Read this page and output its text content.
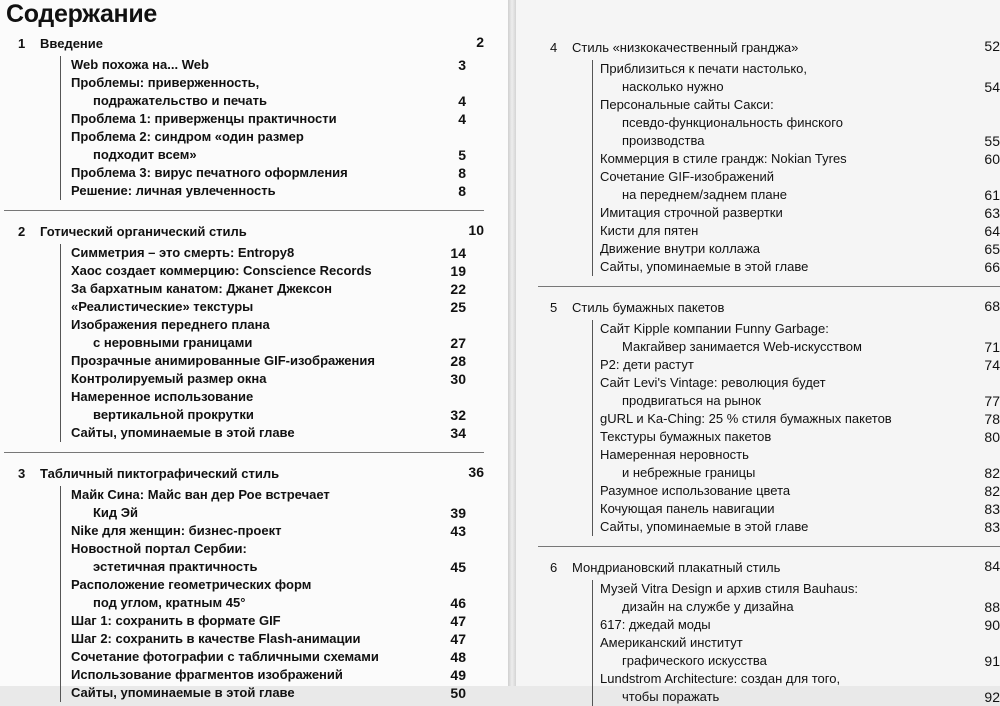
Содержание
1 Введение	2
Web похожа на... Web	3
Проблемы: приверженность,
подражательство и печать	4
Проблема 1: приверженцы практичности	4
Проблема 2: синдром «один размер
подходит всем»	5
Проблема 3: вирус печатного оформления	8
Решение: личная увлеченность	8
2 Готический органический стиль	10
Симметрия – это смерть: Entropy8	14
Хаос создает коммерцию: Conscience Records	19
За бархатным канатом: Джанет Джексон	22
«Реалистические» текстуры	25
Изображения переднего плана
с неровными границами	27
Прозрачные анимированные GIF-изображения	28
Контролируемый размер окна	30
Намеренное использование
вертикальной прокрутки	32
Сайты, упоминаемые в этой главе	34
3 Табличный пиктографический стиль	36
Майк Сина: Майс ван дер Рое встречает
Кид Эй	39
Nike для женщин: бизнес-проект	43
Новостной портал Сербии:
эстетичная практичность	45
Расположение геометрических форм
под углом, кратным 45°	46
Шаг 1: сохранить в формате GIF	47
Шаг 2: сохранить в качестве Flash-анимации	47
Сочетание фотографии с табличными схемами	48
Использование фрагментов изображений	49
Сайты, упоминаемые в этой главе	50
4 Стиль «низкокачественный гранджа»	52
Приблизиться к печати настолько,
насколько нужно	54
Персональные сайты Сакси:
псевдо-функциональность финского
производства	55
Коммерция в стиле грандж: Nokian Tyres	60
Сочетание GIF-изображений
на переднем/заднем плане	61
Имитация строчной развертки	63
Кисти для пятен	64
Движение внутри коллажа	65
Сайты, упоминаемые в этой главе	66
5 Стиль бумажных пакетов	68
Сайт Kipple компании Funny Garbage:
Макгайвер занимается Web-искусством	71
P2: дети растут	74
Сайт Levi's Vintage: революция будет
продвигаться на рынок	77
gURL и Ka-Ching: 25 % стиля бумажных пакетов	78
Текстуры бумажных пакетов	80
Намеренная неровность
и небрежные границы	82
Разумное использование цвета	82
Кочующая панель навигации	83
Сайты, упоминаемые в этой главе	83
6 Мондриановский плакатный стиль	84
Музей Vitra Design и архив стиля Bauhaus:
дизайн на службе у дизайна	88
617: джедай моды	90
Американский институт
графического искусства	91
Lundstrom Architecture: создан для того,
чтобы поражать	92
